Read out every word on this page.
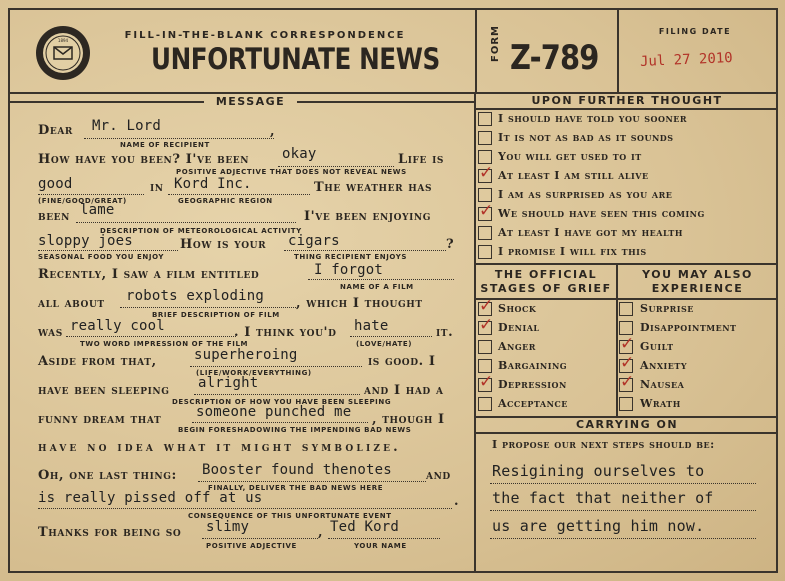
1894	FILL-IN-THE-BLANK CORRESPONDENCE
UNFORTUNATE NEWS	FORM Z-789
FILING DATE
Jul 27 2010
MESSAGE
Dear Mr. Lord	,
NAME OF RECIPIENT
How have you been? I've been okay	Life is
POSITIVE ADJECTIVE THAT DOES NOT REVEAL NEWS
good	in Kord Inc.	The weather has
(FINE/GOOD/GREAT)	GEOGRAPHIC REGION
been lame	I've been enjoying
DESCRIPTION OF METEOROLOGICAL ACTIVITY
sloppy joes	How is your cigars	?
SEASONAL FOOD YOU ENJOY	THING RECIPIENT ENJOYS
Recently, I saw a film entitled	I forgot
NAME OF A FILM
all about robots exploding , which I thought
BRIEF DESCRIPTION OF FILM
was really cool	. I think you'd hate	it.
TWO WORD IMPRESSION OF THE FILM	(LOVE/HATE)
Aside from that,	superheroing	is good. I
(LIFE/WORK/EVERYTHING)
have been sleeping alright	and I had a
DESCRIPTION OF HOW YOU HAVE BEEN SLEEPING
funny dream that someone punched me , though I
BEGIN FORESHADOWING THE IMPENDING BAD NEWS
have no idea what it might symbolize.
Oh, one last thing: Booster found thenotes	and
FINALLY, DELIVER THE BAD NEWS HERE
is really pissed off at us	.
CONSEQUENCE OF THIS UNFORTUNATE EVENT
Thanks for being so slimy	, Ted Kord
POSITIVE ADJECTIVE	YOUR NAME
UPON FURTHER THOUGHT
I should have told you sooner
It is not as bad as it sounds
You will get used to it
✓ At least I am still alive
I am as surprised as you are
✓ We should have seen this coming
At least I have got my health
I promise I will fix this
THE OFFICIAL
STAGES OF GRIEF
YOU MAY ALSO
EXPERIENCE
✓ Shock
✓ Denial
Anger
Bargaining
✓ Depression
Acceptance
Surprise
Disappointment
✓ Guilt
✓ Anxiety
✓ Nausea
Wrath
CARRYING ON
I propose our next steps should be:
Resigining ourselves to
the fact that neither of
us are getting him now.
